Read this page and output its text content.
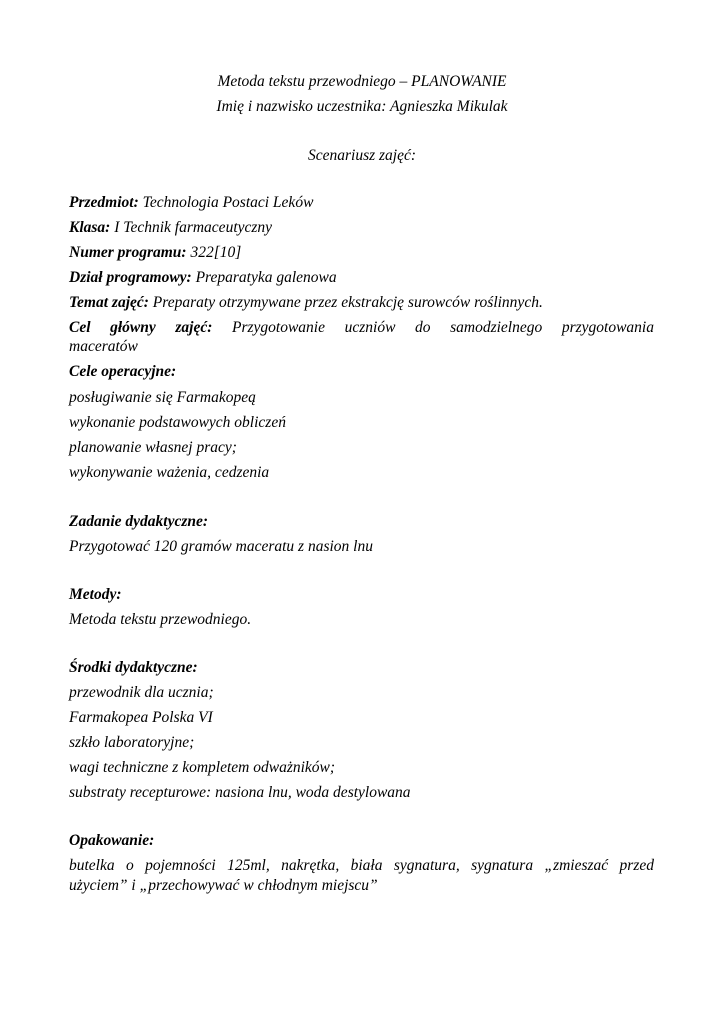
Metoda tekstu przewodniego – PLANOWANIE
Imię i nazwisko uczestnika: Agnieszka Mikulak
Scenariusz zajęć:
Przedmiot: Technologia Postaci Leków
Klasa: I Technik farmaceutyczny
Numer programu: 322[10]
Dział programowy: Preparatyka galenowa
Temat zajęć: Preparaty otrzymywane przez ekstrakcję surowców roślinnych.
Cel główny zajęć: Przygotowanie uczniów do samodzielnego przygotowania
maceratów
Cele operacyjne:
posługiwanie się Farmakopeą
wykonanie podstawowych obliczeń
planowanie własnej pracy;
wykonywanie ważenia, cedzenia
Zadanie dydaktyczne:
Przygotować 120 gramów maceratu z nasion lnu
Metody:
Metoda tekstu przewodniego.
Środki dydaktyczne:
przewodnik dla ucznia;
Farmakopea Polska VI
szkło laboratoryjne;
wagi techniczne z kompletem odważników;
substraty recepturowe: nasiona lnu, woda destylowana
Opakowanie:
butelka o pojemności 125ml, nakrętka, biała sygnatura, sygnatura „zmieszać przed
użyciem” i „przechowywać w chłodnym miejscu”
